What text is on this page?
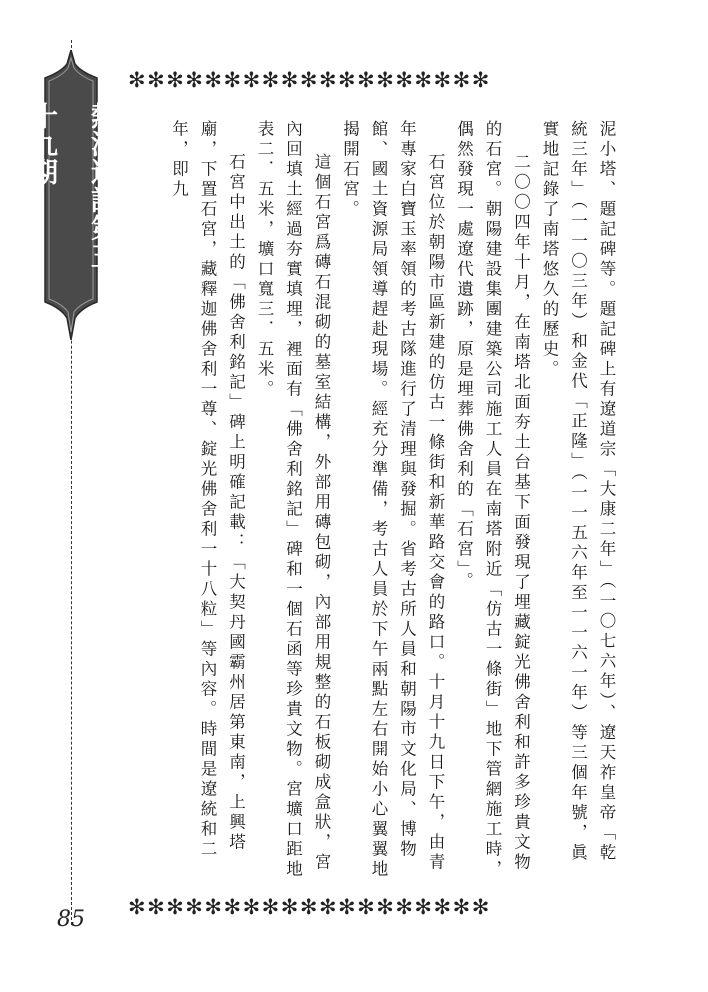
熱河通訊第五十九期
✻✻✻✻✻✻✻✻✻✻✻✻✻✻✻✻✻✻✻

泥小塔、題記碑等。題記碑上有遼道宗「大康二年」（一〇七六年）、遼天祚皇帝「乾統三年」（一一〇三年）和金代「正隆」（一一五六年至一一六一年）等三個年號，眞實地記錄了南塔悠久的歷史。

二〇〇四年十月，在南塔北面夯土台基下面發現了埋藏錠光佛舍利和許多珍貴文物的石宮。朝陽建設集團建築公司施工人員在南塔附近「仿古一條街」地下管網施工時，偶然發現一處遼代遺跡，原是埋葬佛舍利的「石宮」。

石宮位於朝陽市區新建的仿古一條街和新華路交會的路口。十月十九日下午，由青年專家白寶玉率領的考古隊進行了清理與發掘。省考古所人員和朝陽市文化局、博物館、國土資源局領導趕赴現場。經充分準備，考古人員於下午兩點左右開始小心翼翼地揭開石宮。

這個石宮爲磚石混砌的墓室結構，外部用磚包砌，內部用規整的石板砌成盒狀，宮內回填土經過夯實填埋，裡面有「佛舍利銘記」碑和一個石函等珍貴文物。宮壙口距地表二．五米，壙口寬三．五米。

石宮中出土的「佛舍利銘記」碑上明確記載：「大契丹國霸州居第東南，上興塔廟，下置石宮，藏釋迦佛舍利一尊、錠光佛舍利一十八粒」等內容。時間是遼統和二年，即九

✻✻✻✻✻✻✻✻✻✻✻✻✻✻✻✻✻✻✻
85
